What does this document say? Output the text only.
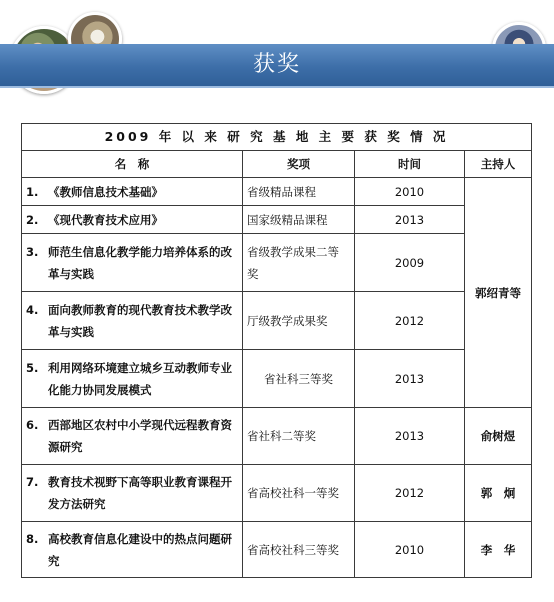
获奖
2009 年 以 来 研 究 基 地 主 要 获 奖 情 况			
名　称	奖项	时间	主持人
1. 《教师信息技术基础》	省级精品课程	2010	郭绍青等
2. 《现代教育技术应用》	国家级精品课程	2013	

3. 师范生信息化教学能力培养体系的改革与实践	省级教学成果二等奖	2009	

4. 面向教师教育的现代教育技术教学改革与实践	厅级教学成果奖	2012	

5. 利用网络环境建立城乡互动教师专业化能力协同发展模式	省社科三等奖	2013	

6. 西部地区农村中小学现代远程教育资源研究	省社科二等奖	2013	俞树煜

7. 教育技术视野下高等职业教育课程开发方法研究	省高校社科一等奖	2012	郭　炯

8. 高校教育信息化建设中的热点问题研究	省高校社科三等奖	2010	李　华
